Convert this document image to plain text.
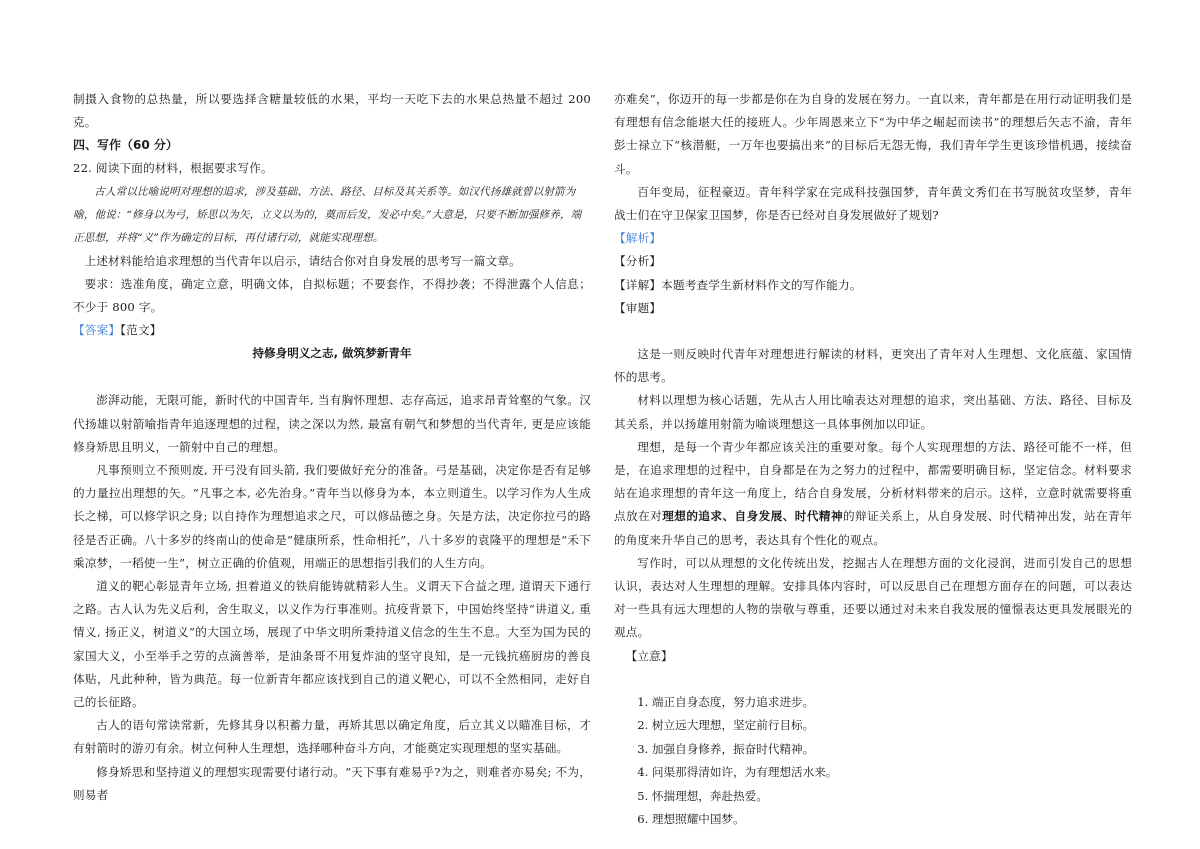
制摄入食物的总热量，所以要选择含糖量较低的水果，平均一天吃下去的水果总热量不超过 200 克。

四、写作（60 分）

22. 阅读下面的材料，根据要求写作。

古人常以比喻说明对理想的追求，涉及基础、方法、路径、目标及其关系等。如汉代扬雄就曾以射箭为喻，他说：“修身以为弓，矫思以为矢，立义以为的，奠而后发，发必中矣。”大意是，只要不断加强修养，端正思想，并将“义”作为确定的目标，再付诸行动，就能实现理想。

上述材料能给追求理想的当代青年以启示，请结合你对自身发展的思考写一篇文章。

要求：选准角度，确定立意，明确文体，自拟标题；不要套作，不得抄袭；不得泄露个人信息；不少于 800 字。

【答案】【范文】

持修身明义之志, 做筑梦新青年

澎湃动能，无限可能，新时代的中国青年, 当有胸怀理想、志存高远，追求昂青耸壑的气象。汉代扬雄以射箭喻指青年追逐理想的过程，读之深以为然, 最富有朝气和梦想的当代青年, 更是应该能修身矫思且明义，一箭射中自己的理想。

凡事预则立不预则废, 开弓没有回头箭, 我们要做好充分的准备。弓是基础，决定你是否有足够的力量拉出理想的矢。“凡事之本, 必先治身。”青年当以修身为本，本立则道生。以学习作为人生成长之梯，可以修学识之身; 以自持作为理想追求之尺，可以修品德之身。矢是方法，决定你拉弓的路径是否正确。八十多岁的终南山的使命是“健康所系，性命相托”，八十多岁的袁隆平的理想是“禾下乘凉梦，一稻使一生”，树立正确的价值观，用端正的思想指引我们的人生方向。

道义的靶心彰显青年立场, 担着道义的铁肩能铸就精彩人生。义谓天下合益之理, 道谓天下通行之路。古人认为先义后利，舍生取义，以义作为行事准则。抗疫背景下，中国始终坚持“讲道义, 重情义, 扬正义，树道义”的大国立场，展现了中华文明所秉持道义信念的生生不息。大至为国为民的家国大义，小至举手之劳的点滴善举，是油条哥不用复炸油的坚守良知，是一元钱抗癌厨房的善良体贴，凡此种种，皆为典范。每一位新青年都应该找到自己的道义靶心，可以不全然相同，走好自己的长征路。

古人的语句常读常新，先修其身以积蓄力量，再矫其思以确定角度，后立其义以瞄准目标，才有射箭时的游刃有余。树立何种人生理想，选择哪种奋斗方向，才能奠定实现理想的坚实基础。

修身矫思和坚持道义的理想实现需要付诸行动。“天下事有难易乎?为之，则难者亦易矣; 不为，则易者

亦难矣”，你迈开的每一步都是你在为自身的发展在努力。一直以来，青年都是在用行动证明我们是有理想有信念能堪大任的接班人。少年周恩来立下“为中华之崛起而读书”的理想后矢志不渝，青年彭士禄立下“核潜艇，一万年也要搞出来”的目标后无怨无悔，我们青年学生更该珍惜机遇，接续奋斗。

百年变局，征程豪迈。青年科学家在完成科技强国梦，青年黄文秀们在书写脱贫攻坚梦，青年战士们在守卫保家卫国梦，你是否已经对自身发展做好了规划?

【解析】

【分析】

【详解】本题考查学生新材料作文的写作能力。

【审题】

这是一则反映时代青年对理想进行解读的材料，更突出了青年对人生理想、文化底蕴、家国情怀的思考。

材料以理想为核心话题，先从古人用比喻表达对理想的追求，突出基础、方法、路径、目标及其关系，并以扬雄用射箭为喻谈理想这一具体事例加以印证。

理想，是每一个青少年都应该关注的重要对象。每个人实现理想的方法、路径可能不一样，但是，在追求理想的过程中，自身都是在为之努力的过程中，都需要明确目标，坚定信念。材料要求站在追求理想的青年这一角度上，结合自身发展，分析材料带来的启示。这样，立意时就需要将重点放在对理想的追求、自身发展、时代精神的辩证关系上，从自身发展、时代精神出发，站在青年的角度来升华自己的思考，表达具有个性化的观点。

写作时，可以从理想的文化传统出发，挖掘古人在理想方面的文化浸润，进而引发自己的思想认识，表达对人生理想的理解。安排具体内容时，可以反思自己在理想方面存在的问题，可以表达对一些具有远大理想的人物的崇敬与尊重，还要以通过对未来自我发展的憧憬表达更具发展眼光的观点。

【立意】

1. 端正自身态度，努力追求进步。

2. 树立远大理想，坚定前行目标。

3. 加强自身修养，振奋时代精神。

4. 问渠那得清如许，为有理想活水来。

5. 怀揣理想，奔赴热爱。

6. 理想照耀中国梦。
